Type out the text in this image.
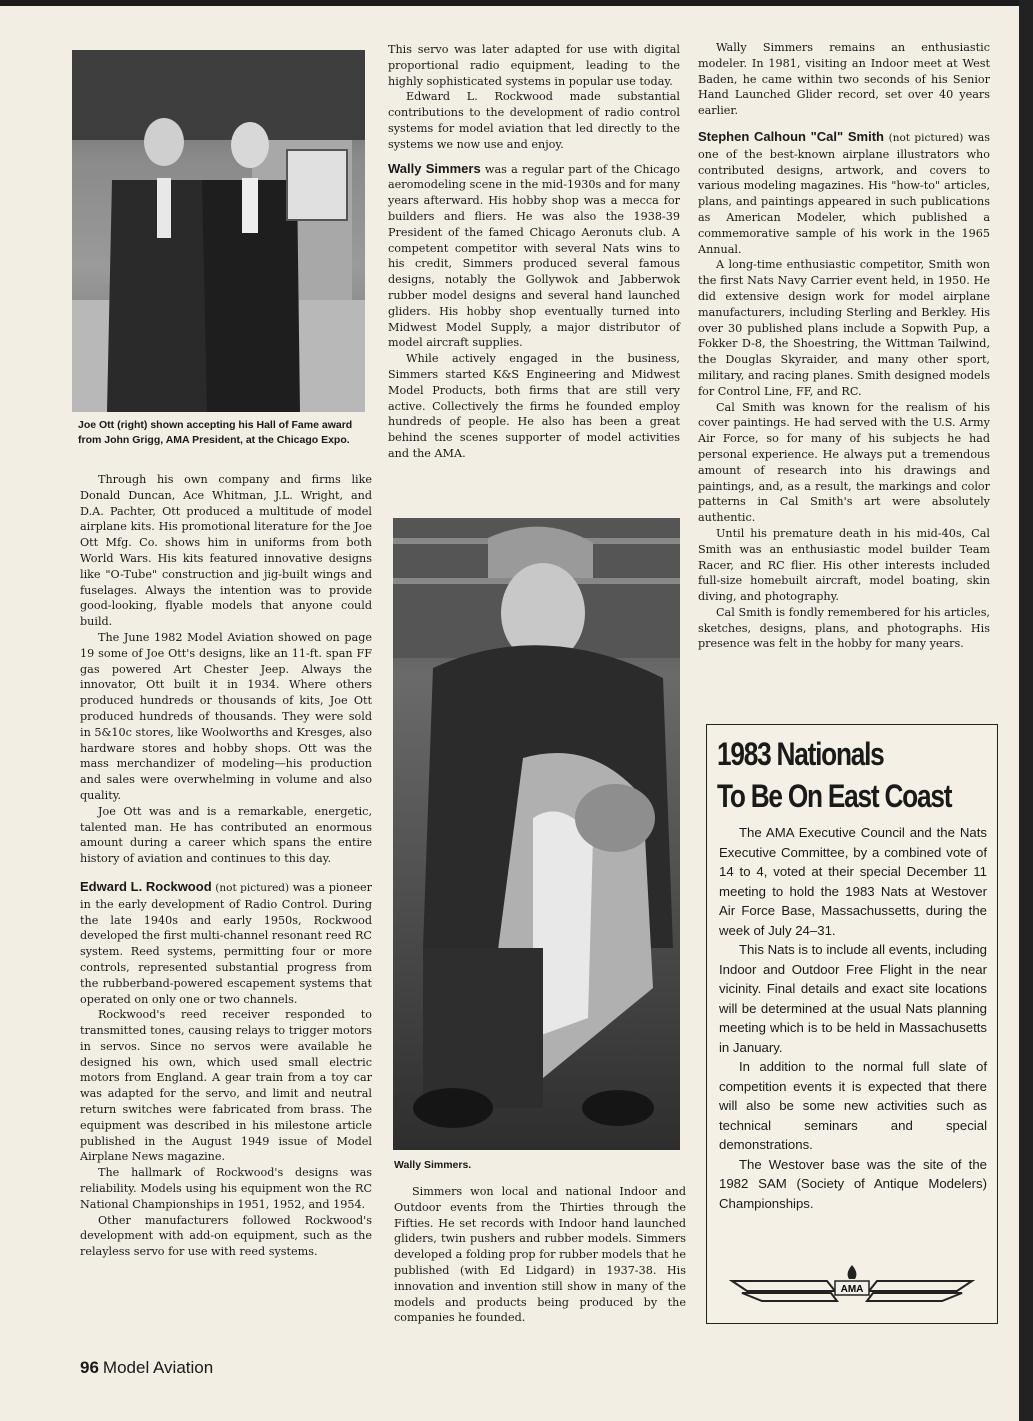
Joe Ott (right) shown accepting his Hall of Fame award from John Grigg, AMA President, at the Chicago Expo.

Through his own company and firms like Donald Duncan, Ace Whitman, J.L. Wright, and D.A. Pachter, Ott produced a multitude of model airplane kits. His promotional literature for the Joe Ott Mfg. Co. shows him in uniforms from both World Wars. His kits featured innovative designs like "O-Tube" construction and jig-built wings and fuselages. Always the intention was to provide good-looking, flyable models that anyone could build.

The June 1982 Model Aviation showed on page 19 some of Joe Ott's designs, like an 11-ft. span FF gas powered Art Chester Jeep. Always the innovator, Ott built it in 1934. Where others produced hundreds or thousands of kits, Joe Ott produced hundreds of thousands. They were sold in 5&10c stores, like Woolworths and Kresges, also hardware stores and hobby shops. Ott was the mass merchandizer of modeling—his production and sales were overwhelming in volume and also quality.

Joe Ott was and is a remarkable, energetic, talented man. He has contributed an enormous amount during a career which spans the entire history of aviation and continues to this day.

Edward L. Rockwood (not pictured) was a pioneer in the early development of Radio Control. During the late 1940s and early 1950s, Rockwood developed the first multi-channel resonant reed RC system. Reed systems, permitting four or more controls, represented substantial progress from the rubberband-powered escapement systems that operated on only one or two channels.

Rockwood's reed receiver responded to transmitted tones, causing relays to trigger motors in servos. Since no servos were available he designed his own, which used small electric motors from England. A gear train from a toy car was adapted for the servo, and limit and neutral return switches were fabricated from brass. The equipment was described in his milestone article published in the August 1949 issue of Model Airplane News magazine.

The hallmark of Rockwood's designs was reliability. Models using his equipment won the RC National Championships in 1951, 1952, and 1954.

Other manufacturers followed Rockwood's development with add-on equipment, such as the relayless servo for use with reed systems.

This servo was later adapted for use with digital proportional radio equipment, leading to the highly sophisticated systems in popular use today.

Edward L. Rockwood made substantial contributions to the development of radio control systems for model aviation that led directly to the systems we now use and enjoy.

Wally Simmers was a regular part of the Chicago aeromodeling scene in the mid-1930s and for many years afterward. His hobby shop was a mecca for builders and fliers. He was also the 1938-39 President of the famed Chicago Aeronuts club. A competent competitor with several Nats wins to his credit, Simmers produced several famous designs, notably the Gollywok and Jabberwok rubber model designs and several hand launched gliders. His hobby shop eventually turned into Midwest Model Supply, a major distributor of model aircraft supplies.

While actively engaged in the business, Simmers started K&S Engineering and Midwest Model Products, both firms that are still very active. Collectively the firms he founded employ hundreds of people. He also has been a great behind the scenes supporter of model activities and the AMA.

Wally Simmers.

Simmers won local and national Indoor and Outdoor events from the Thirties through the Fifties. He set records with Indoor hand launched gliders, twin pushers and rubber models. Simmers developed a folding prop for rubber models that he published (with Ed Lidgard) in 1937-38. His innovation and invention still show in many of the models and products being produced by the companies he founded.

Wally Simmers remains an enthusiastic modeler. In 1981, visiting an Indoor meet at West Baden, he came within two seconds of his Senior Hand Launched Glider record, set over 40 years earlier.

Stephen Calhoun "Cal" Smith (not pictured) was one of the best-known airplane illustrators who contributed designs, artwork, and covers to various modeling magazines. His "how-to" articles, plans, and paintings appeared in such publications as American Modeler, which published a commemorative sample of his work in the 1965 Annual.

A long-time enthusiastic competitor, Smith won the first Nats Navy Carrier event held, in 1950. He did extensive design work for model airplane manufacturers, including Sterling and Berkley. His over 30 published plans include a Sopwith Pup, a Fokker D-8, the Shoestring, the Wittman Tailwind, the Douglas Skyraider, and many other sport, military, and racing planes. Smith designed models for Control Line, FF, and RC.

Cal Smith was known for the realism of his cover paintings. He had served with the U.S. Army Air Force, so for many of his subjects he had personal experience. He always put a tremendous amount of research into his drawings and paintings, and, as a result, the markings and color patterns in Cal Smith's art were absolutely authentic.

Until his premature death in his mid-40s, Cal Smith was an enthusiastic model builder Team Racer, and RC flier. His other interests included full-size homebuilt aircraft, model boating, skin diving, and photography.

Cal Smith is fondly remembered for his articles, sketches, designs, plans, and photographs. His presence was felt in the hobby for many years.

1983 Nationals
To Be On East Coast

The AMA Executive Council and the Nats Executive Committee, by a combined vote of 14 to 4, voted at their special December 11 meeting to hold the 1983 Nats at Westover Air Force Base, Massachussetts, during the week of July 24–31.

This Nats is to include all events, including Indoor and Outdoor Free Flight in the near vicinity. Final details and exact site locations will be determined at the usual Nats planning meeting which is to be held in Massachusetts in January.

In addition to the normal full slate of competition events it is expected that there will also be some new activities such as technical seminars and special demonstrations.

The Westover base was the site of the 1982 SAM (Society of Antique Modelers) Championships.

AMA
96 Model Aviation
